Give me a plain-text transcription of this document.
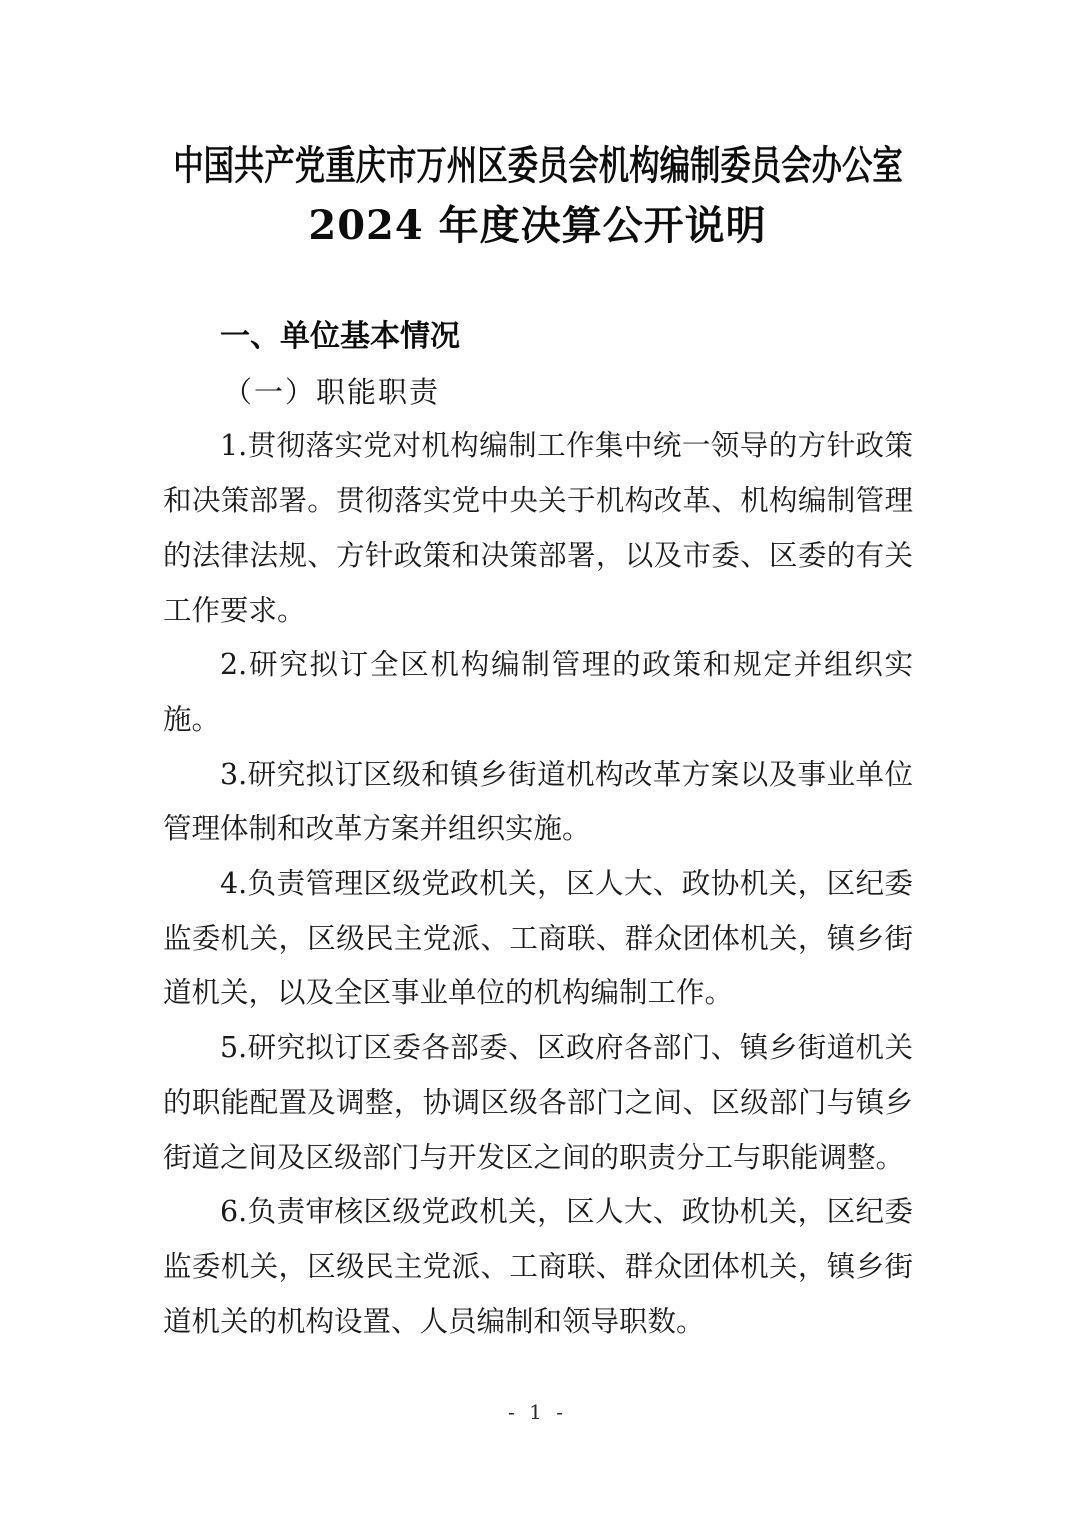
中国共产党重庆市万州区委员会机构编制委员会办公室
2024 年度决算公开说明
一、单位基本情况
（一）职能职责

1.贯彻落实党对机构编制工作集中统一领导的方针政策和决策部署。贯彻落实党中央关于机构改革、机构编制管理的法律法规、方针政策和决策部署，以及市委、区委的有关工作要求。

2.研究拟订全区机构编制管理的政策和规定并组织实施。

3.研究拟订区级和镇乡街道机构改革方案以及事业单位管理体制和改革方案并组织实施。

4.负责管理区级党政机关，区人大、政协机关，区纪委监委机关，区级民主党派、工商联、群众团体机关，镇乡街道机关，以及全区事业单位的机构编制工作。

5.研究拟订区委各部委、区政府各部门、镇乡街道机关的职能配置及调整，协调区级各部门之间、区级部门与镇乡街道之间及区级部门与开发区之间的职责分工与职能调整。

6.负责审核区级党政机关，区人大、政协机关，区纪委监委机关，区级民主党派、工商联、群众团体机关，镇乡街道机关的机构设置、人员编制和领导职数。

- 1 -
